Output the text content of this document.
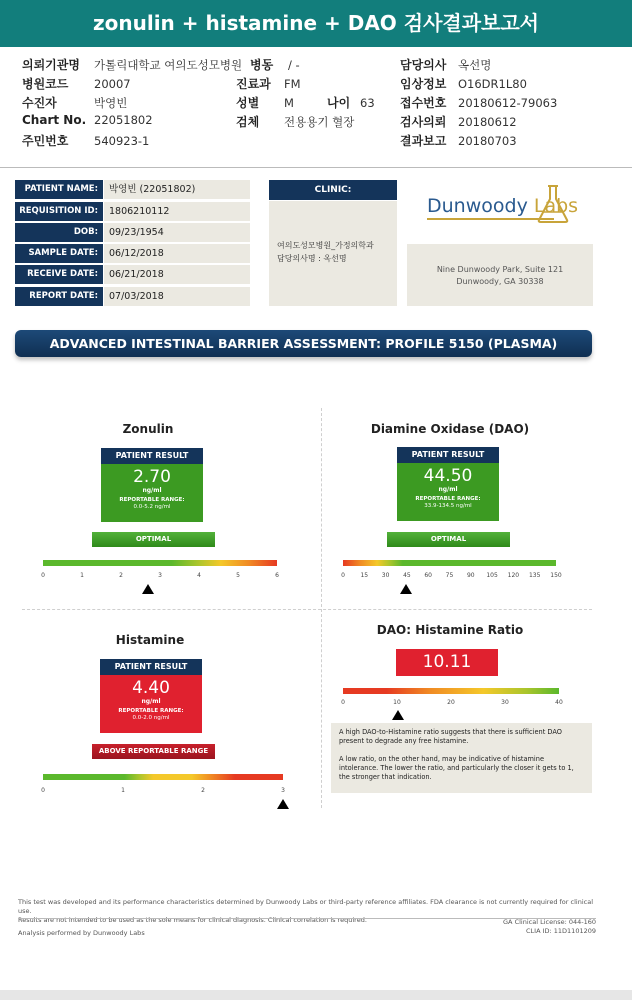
zonulin + histamine + DAO 검사결과보고서
의뢰기관명 가톨릭대학교 여의도성모병원 병동 / -	담당의사 옥선명
병원코드 20007	진료과 FM	임상정보 O16DR1L80
수진자	박영빈	성별 M	나이 63 접수번호 20180612-79063
Chart No. 22051802	검체 전용용기 혈장	검사의뢰 20180612
주민번호 540923-1	결과보고 20180703
PATIENT NAME:	박영빈 (22051802)
REQUISITION ID:	1806210112
DOB:	09/23/1954
SAMPLE DATE:	06/12/2018
RECEIVE DATE:	06/21/2018
REPORT DATE:	07/03/2018
CLINIC:
여의도성모병원_가정의학과
담당의사명 : 옥선명
Dunwoody Labs
Nine Dunwoody Park, Suite 121
Dunwoody, GA 30338
ADVANCED INTESTINAL BARRIER ASSESSMENT: PROFILE 5150 (PLASMA)
Zonulin
PATIENT RESULT
2.70
ng/ml
REPORTABLE RANGE:
0.0-5.2 ng/ml
OPTIMAL
0	1	2	3	4	5	6
Diamine Oxidase (DAO)
PATIENT RESULT
44.50
ng/ml
REPORTABLE RANGE:
33.9-134.5 ng/ml
OPTIMAL
0	15 30 45 60 75 90 105 120 135 150
Histamine
PATIENT RESULT
4.40
ng/ml
REPORTABLE RANGE:
0.0-2.0 ng/ml
ABOVE REPORTABLE RANGE
0	1	2	3
DAO: Histamine Ratio
10.11
0	10	20	30	40
A high DAO-to-Histamine ratio suggests that there is sufficient DAO present to degrade any free histamine.
A low ratio, on the other hand, may be indicative of histamine intolerance. The lower the ratio, and particularly the closer it gets to 1, the stronger that indication.
This test was developed and its performance characteristics determined by Dunwoody Labs or third-party reference affiliates. FDA clearance is not currently required for clinical use.
Results are not intended to be used as the sole means for clinical diagnosis. Clinical correlation is required.
Analysis performed by Dunwoody Labs
GA Clinical License: 044-160
CLIA ID: 11D1101209
